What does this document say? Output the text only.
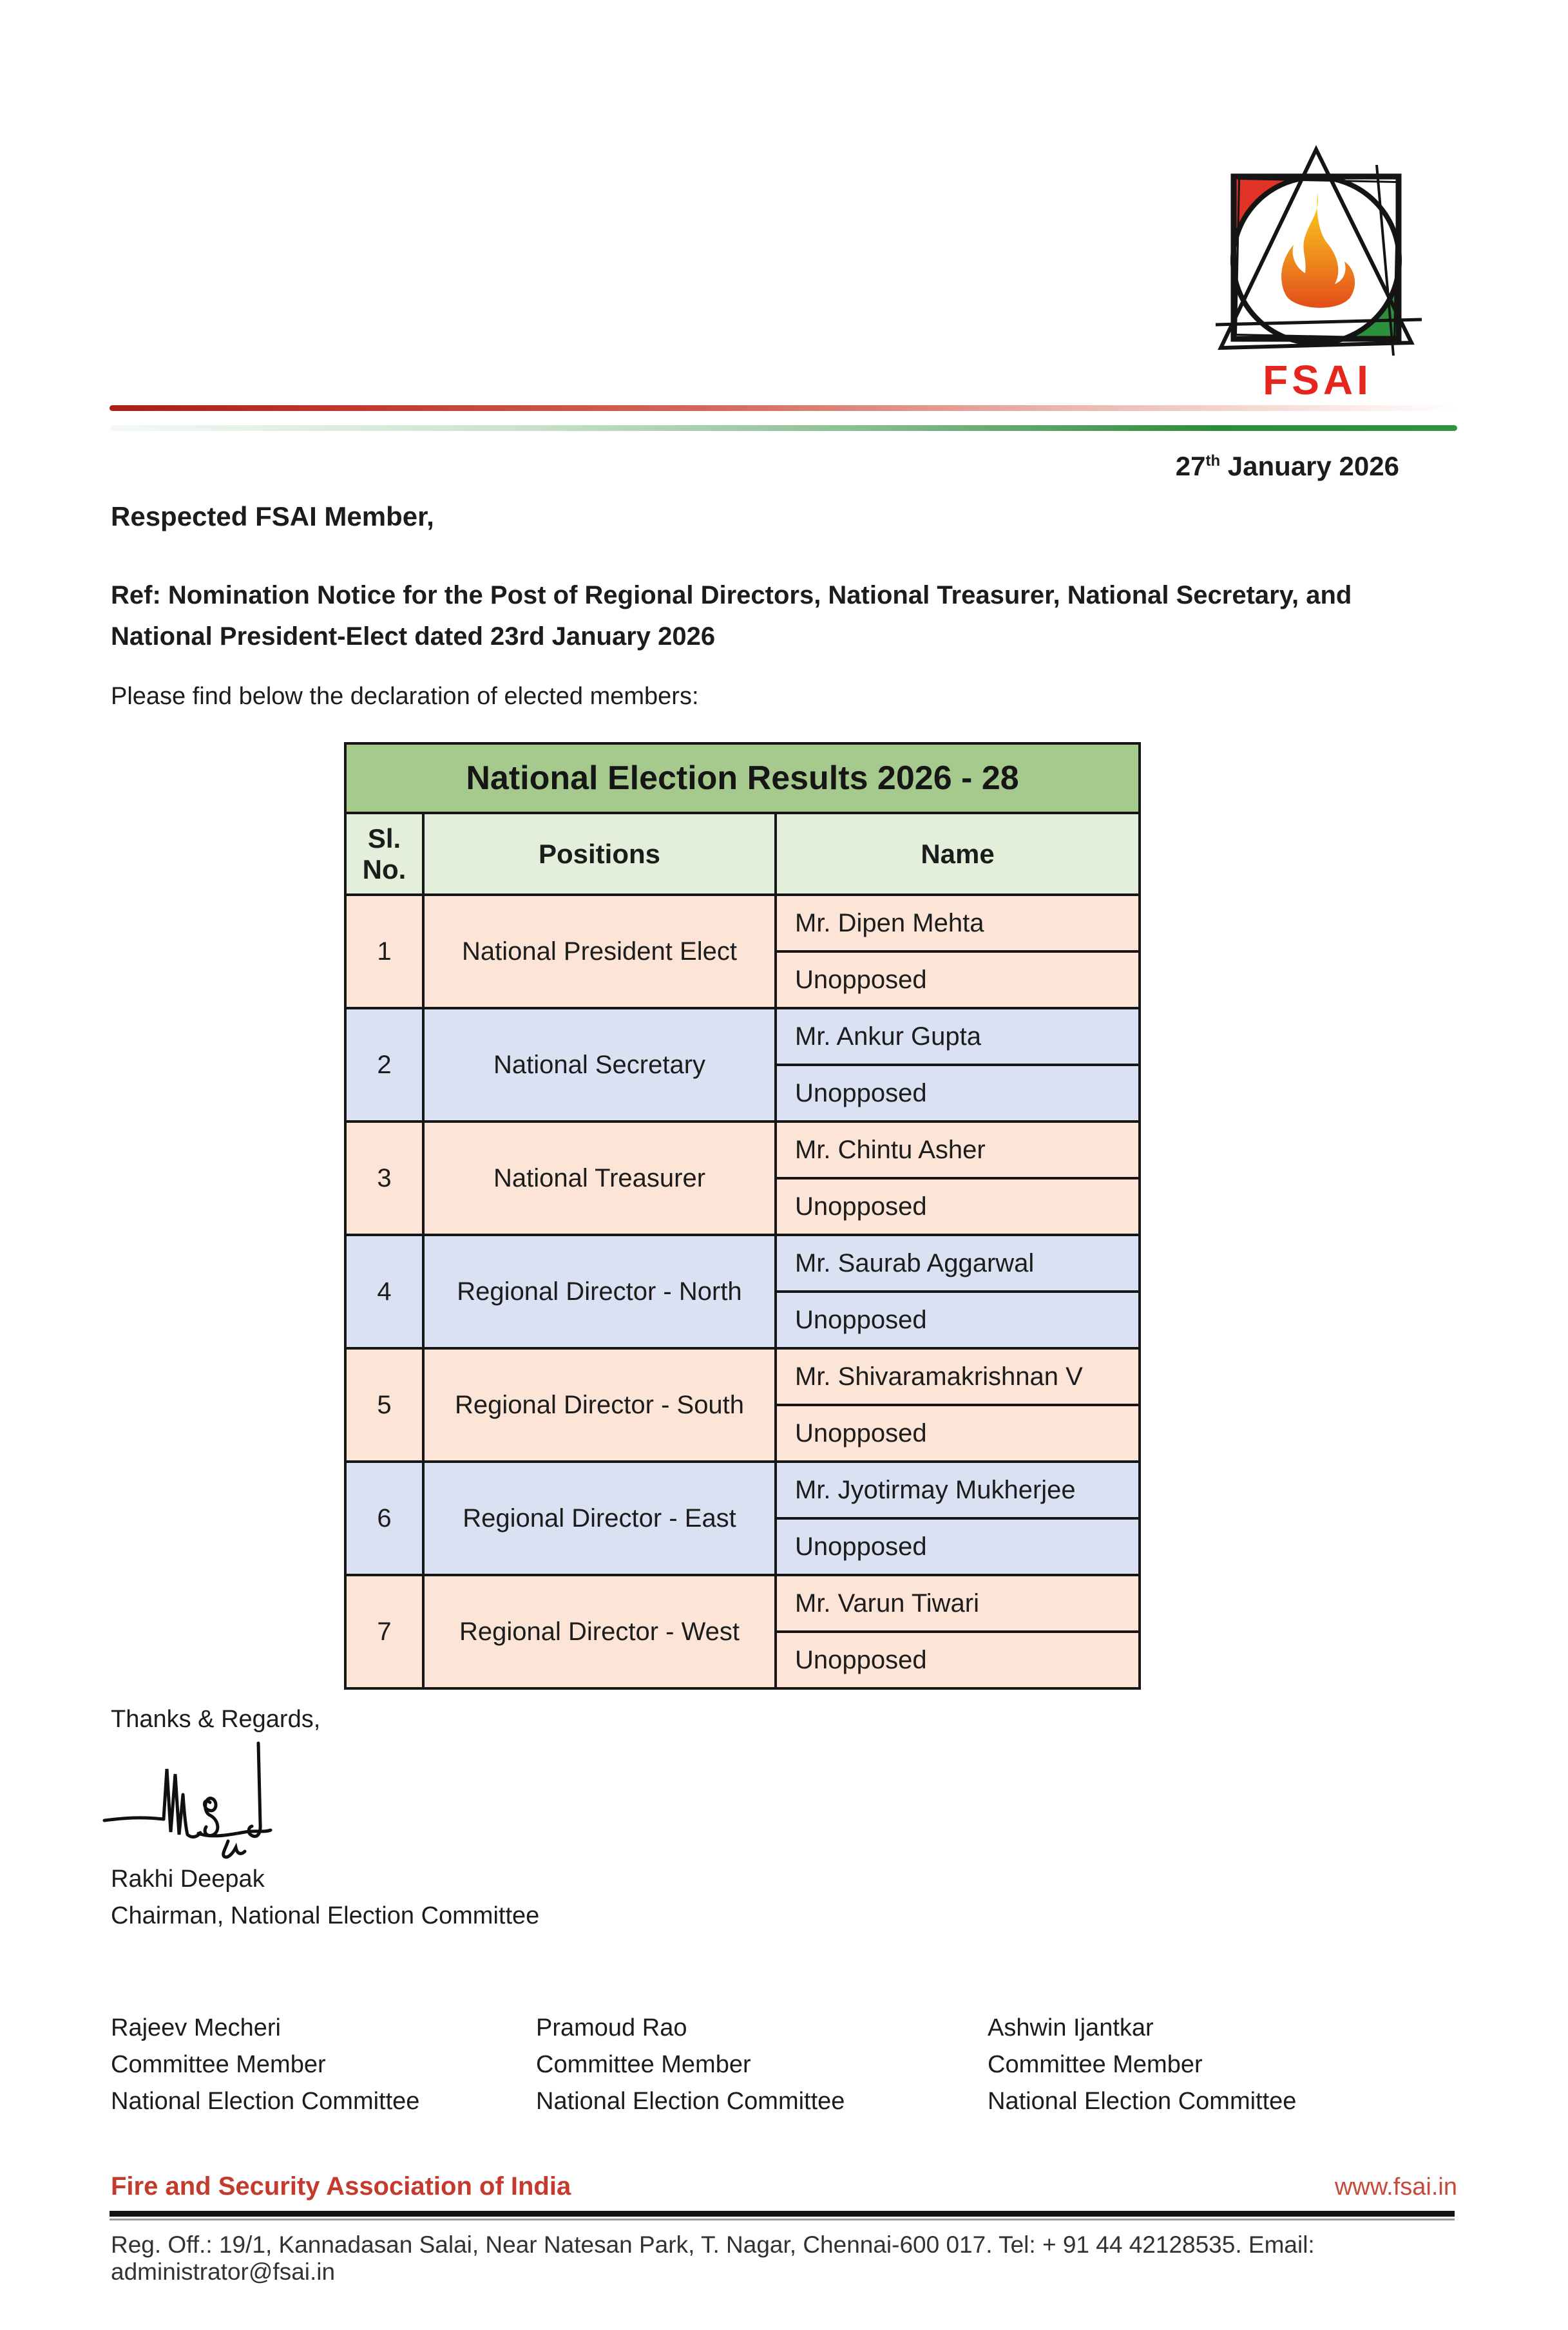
FSAI
27th January 2026
Respected FSAI Member,
Ref: Nomination Notice for the Post of Regional Directors, National Treasurer, National Secretary, and
National President-Elect dated 23rd January 2026
Please find below the declaration of elected members:
National Election Results 2026 - 28		
Sl. No.	Positions	Name
1	National President Elect	Mr. Dipen Mehta
		Unopposed
2	National Secretary	Mr. Ankur Gupta
		Unopposed
3	National Treasurer	Mr. Chintu Asher
		Unopposed
4	Regional Director - North	Mr. Saurab Aggarwal
		Unopposed
5	Regional Director - South	Mr. Shivaramakrishnan V
		Unopposed
6	Regional Director - East	Mr. Jyotirmay Mukherjee
		Unopposed
7	Regional Director - West	Mr. Varun Tiwari
		Unopposed
Thanks & Regards,
Rakhi Deepak
Chairman, National Election Committee
Rajeev Mecheri
Committee Member
National Election Committee
Pramoud Rao
Committee Member
National Election Committee
Ashwin Ijantkar
Committee Member
National Election Committee
Fire and Security Association of India	www.fsai.in
Reg. Off.: 19/1, Kannadasan Salai, Near Natesan Park, T. Nagar, Chennai-600 017. Tel: + 91 44 42128535. Email: administrator@fsai.in
